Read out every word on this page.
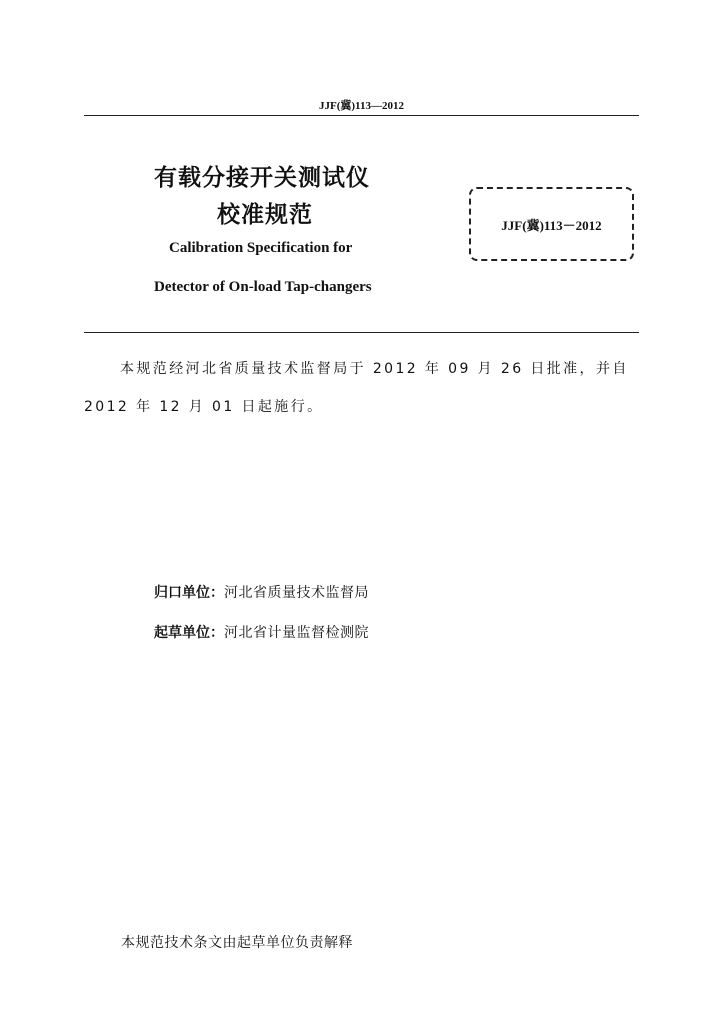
JJF(冀)113—2012
有载分接开关测试仪
校准规范
Calibration Specification for
Detector of On-load Tap-changers
JJF(冀)113－2012
本规范经河北省质量技术监督局于 2012 年 09 月 26 日批准，并自 2012 年 12 月 01 日起施行。
归口单位：河北省质量技术监督局
起草单位：河北省计量监督检测院
本规范技术条文由起草单位负责解释
